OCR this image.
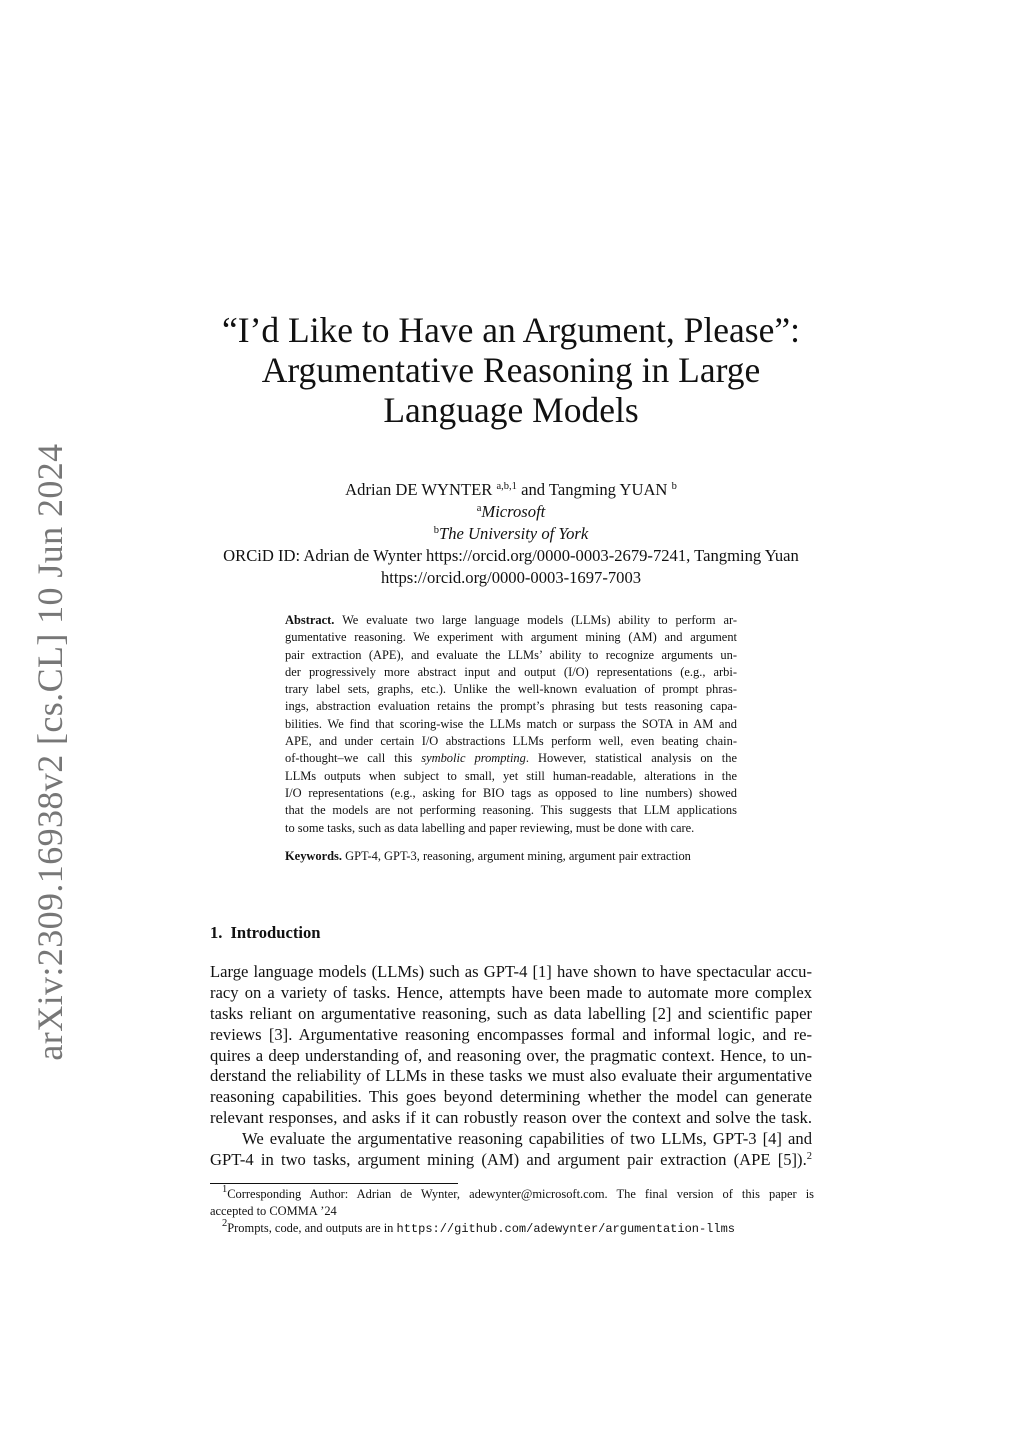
arXiv:2309.16938v2 [cs.CL] 10 Jun 2024
“I’d Like to Have an Argument, Please”:
Argumentative Reasoning in Large
Language Models

Adrian DE WYNTER $^{a,b,1}$ and Tangming YUAN $^b$

$^a$Microsoft

$^b$The University of York

ORCiD ID: Adrian de Wynter https://orcid.org/0000-0003-2679-7241, Tangming Yuan

https://orcid.org/0000-0003-1697-7003

Abstract. We evaluate two large language models (LLMs) ability to perform ar-
gumentative reasoning. We experiment with argument mining (AM) and argument
pair extraction (APE), and evaluate the LLMs’ ability to recognize arguments un-
der progressively more abstract input and output (I/O) representations (e.g., arbi-
trary label sets, graphs, etc.). Unlike the well-known evaluation of prompt phras-
ings, abstraction evaluation retains the prompt’s phrasing but tests reasoning capa-
bilities. We find that scoring-wise the LLMs match or surpass the SOTA in AM and
APE, and under certain I/O abstractions LLMs perform well, even beating chain-
of-thought–we call this symbolic prompting. However, statistical analysis on the
LLMs outputs when subject to small, yet still human-readable, alterations in the
I/O representations (e.g., asking for BIO tags as opposed to line numbers) showed
that the models are not performing reasoning. This suggests that LLM applications
to some tasks, such as data labelling and paper reviewing, must be done with care.

Keywords. GPT-4, GPT-3, reasoning, argument mining, argument pair extraction

1. Introduction
Large language models (LLMs) such as GPT-4 [1] have shown to have spectacular accu-
racy on a variety of tasks. Hence, attempts have been made to automate more complex
tasks reliant on argumentative reasoning, such as data labelling [2] and scientific paper
reviews [3]. Argumentative reasoning encompasses formal and informal logic, and re-
quires a deep understanding of, and reasoning over, the pragmatic context. Hence, to un-
derstand the reliability of LLMs in these tasks we must also evaluate their argumentative
reasoning capabilities. This goes beyond determining whether the model can generate
relevant responses, and asks if it can robustly reason over the context and solve the task.
We evaluate the argumentative reasoning capabilities of two LLMs, GPT-3 [4] and
GPT-4 in two tasks, argument mining (AM) and argument pair extraction (APE [5]).$^2$
$^1$Corresponding Author: Adrian de Wynter, adewynter@microsoft.com. The final version of this paper is
accepted to COMMA ’24
$^2$Prompts, code, and outputs are in https://github.com/adewynter/argumentation-llms
